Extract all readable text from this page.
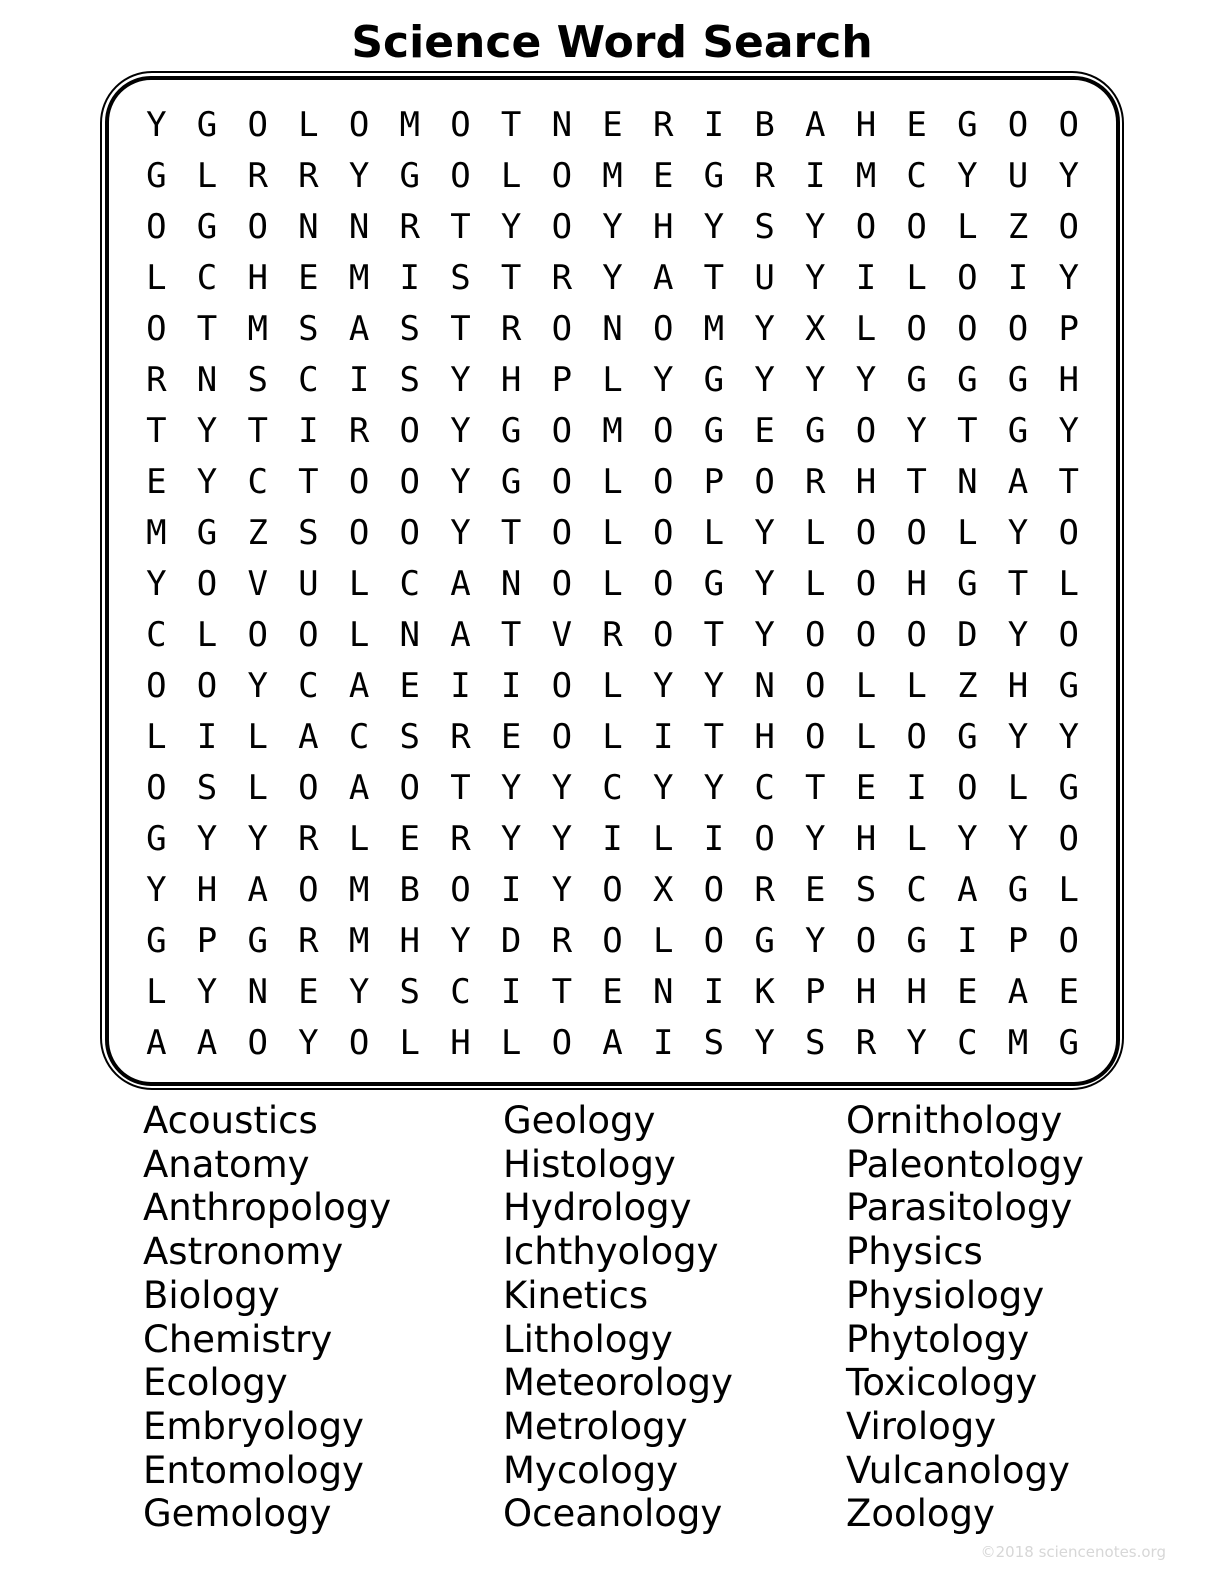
Science Word Search
Y G O L O M O T N E R I B A H E G O O
G L R R Y G O L O M E G R I M C Y U Y
O G O N N R T Y O Y H Y S Y O O L Z O
L C H E M I S T R Y A T U Y I L O I Y
O T M S A S T R O N O M Y X L O O O P
R N S C I S Y H P L Y G Y Y Y G G G H
T Y T I R O Y G O M O G E G O Y T G Y
E Y C T O O Y G O L O P O R H T N A T
M G Z S O O Y T O L O L Y L O O L Y O
Y O V U L C A N O L O G Y L O H G T L
C L O O L N A T V R O T Y O O O D Y O
O O Y C A E I I O L Y Y N O L L Z H G
L I L A C S R E O L I T H O L O G Y Y
O S L O A O T Y Y C Y Y C T E I O L G
G Y Y R L E R Y Y I L I O Y H L Y Y O
Y H A O M B O I Y O X O R E S C A G L
G P G R M H Y D R O L O G Y O G I P O
L Y N E Y S C I T E N I K P H H E A E
A A O Y O L H L O A I S Y S R Y C M G
Acoustics
Anatomy
Anthropology
Astronomy
Biology
Chemistry
Ecology
Embryology
Entomology
Gemology
Geology
Histology
Hydrology
Ichthyology
Kinetics
Lithology
Meteorology
Metrology
Mycology
Oceanology
Ornithology
Paleontology
Parasitology
Physics
Physiology
Phytology
Toxicology
Virology
Vulcanology
Zoology
©2018 sciencenotes.org
